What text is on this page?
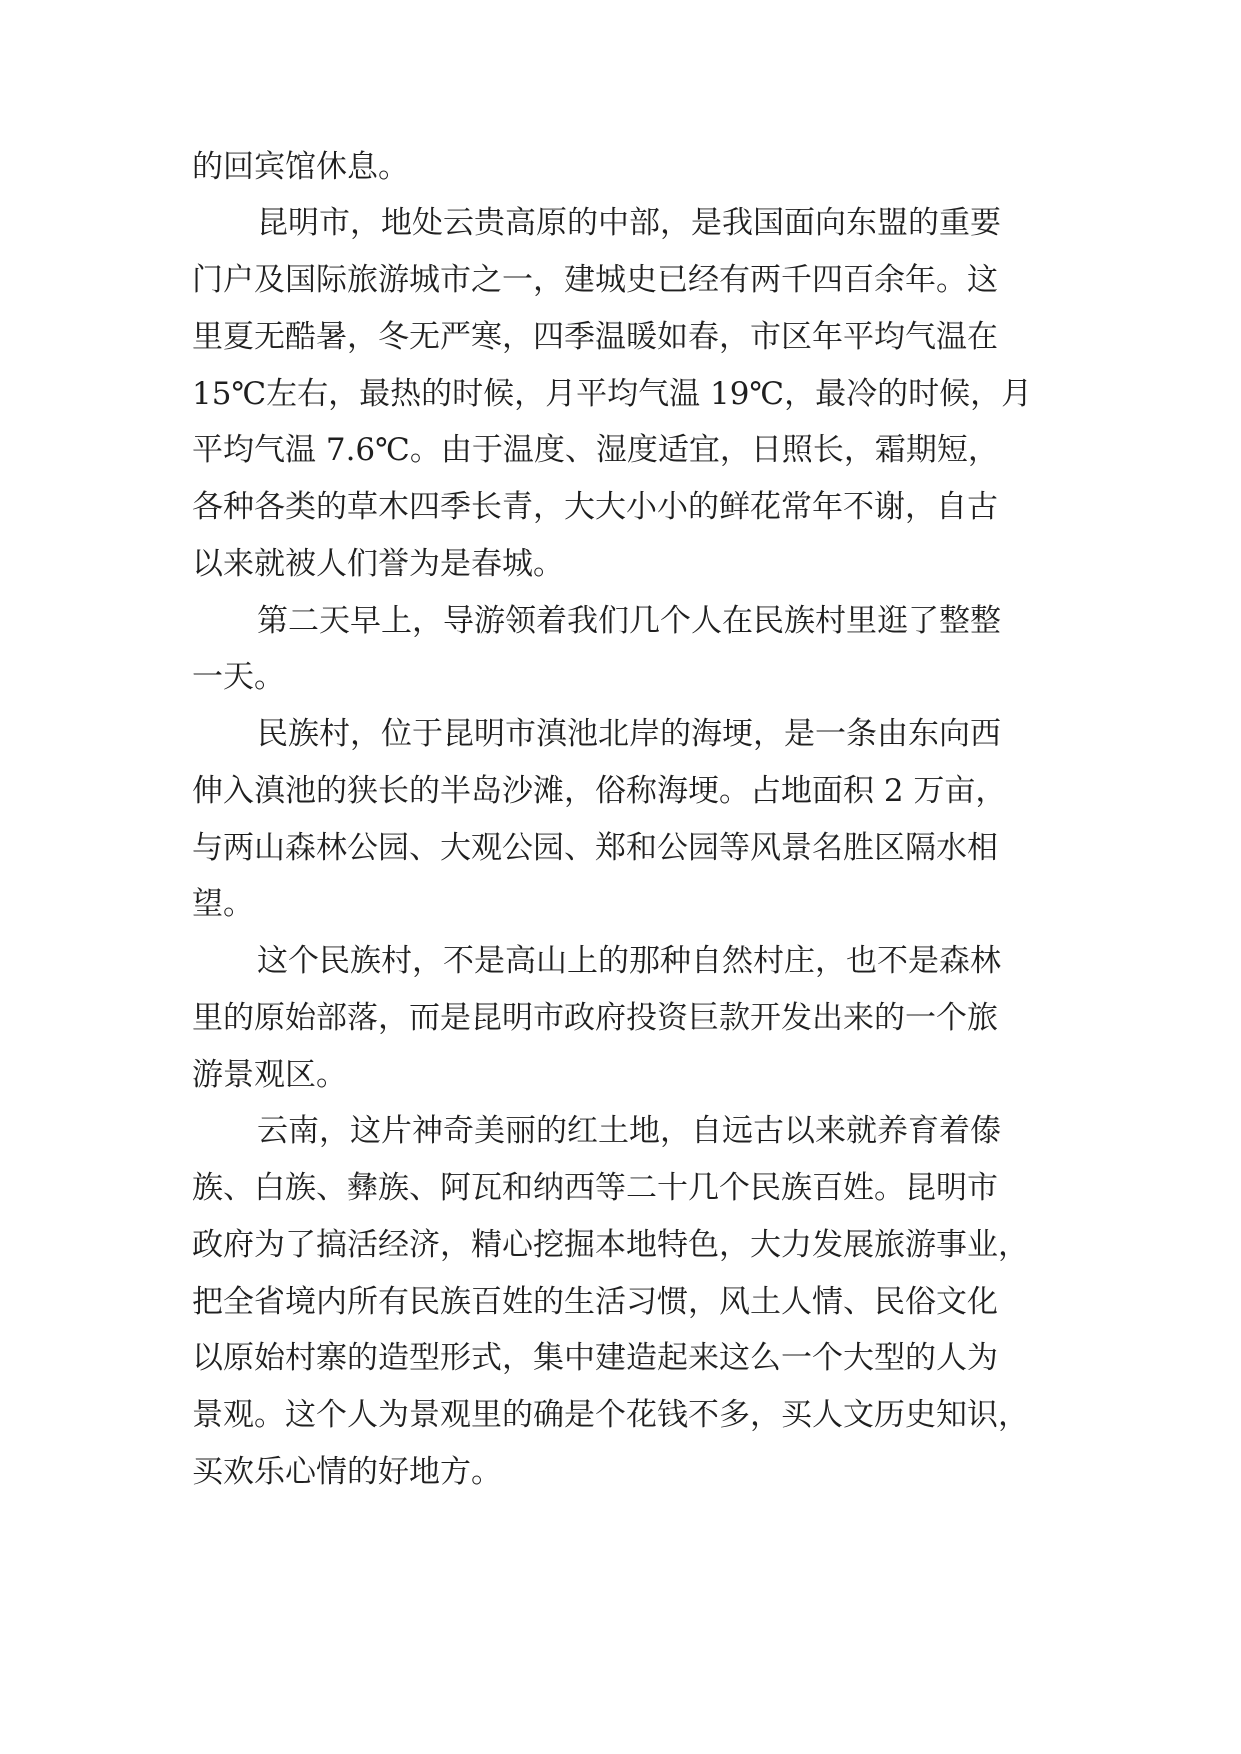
的回宾馆休息。
昆明市，地处云贵高原的中部，是我国面向东盟的重要
门户及国际旅游城市之一，建城史已经有两千四百余年。这
里夏无酷暑，冬无严寒，四季温暖如春，市区年平均气温在
15℃左右，最热的时候，月平均气温 19℃，最冷的时候，月
平均气温 7.6℃。由于温度、湿度适宜，日照长，霜期短，
各种各类的草木四季长青，大大小小的鲜花常年不谢，自古
以来就被人们誉为是春城。
第二天早上，导游领着我们几个人在民族村里逛了整整
一天。
民族村，位于昆明市滇池北岸的海埂，是一条由东向西
伸入滇池的狭长的半岛沙滩，俗称海埂。占地面积 2 万亩，
与两山森林公园、大观公园、郑和公园等风景名胜区隔水相
望。
这个民族村，不是高山上的那种自然村庄，也不是森林
里的原始部落，而是昆明市政府投资巨款开发出来的一个旅
游景观区。
云南，这片神奇美丽的红土地，自远古以来就养育着傣
族、白族、彝族、阿瓦和纳西等二十几个民族百姓。昆明市
政府为了搞活经济，精心挖掘本地特色，大力发展旅游事业，
把全省境内所有民族百姓的生活习惯，风土人情、民俗文化
以原始村寨的造型形式，集中建造起来这么一个大型的人为
景观。这个人为景观里的确是个花钱不多，买人文历史知识，
买欢乐心情的好地方。
